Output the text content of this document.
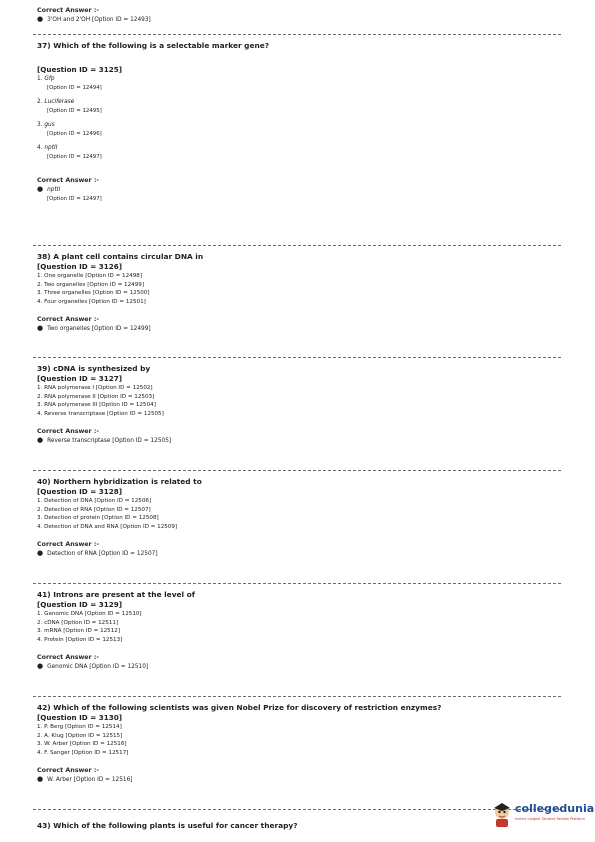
Correct Answer :-
● 3'OH and 2'OH [Option ID = 12493]
37) Which of the following is a selectable marker gene?
[Question ID = 3125]
1. Gfp
[Option ID = 12494]
2. Luciferase
[Option ID = 12495]
3. gus
[Option ID = 12496]
4. nptII
[Option ID = 12497]
Correct Answer :-
● nptII
[Option ID = 12497]
38) A plant cell contains circular DNA in
[Question ID = 3126]
1. One organelle [Option ID = 12498]
2. Two organelles [Option ID = 12499]
3. Three organelles [Option ID = 12500]
4. Four organelles [Option ID = 12501]
Correct Answer :-
● Two organelles [Option ID = 12499]
39) cDNA is synthesized by
[Question ID = 3127]
1. RNA polymerase I [Option ID = 12502]
2. RNA polymerase II [Option ID = 12503]
3. RNA polymerase III [Option ID = 12504]
4. Reverse transcriptase [Option ID = 12505]
Correct Answer :-
● Reverse transcriptase [Option ID = 12505]
40) Northern hybridization is related to
[Question ID = 3128]
1. Detection of DNA [Option ID = 12506]
2. Detection of RNA [Option ID = 12507]
3. Detection of protein [Option ID = 12508]
4. Detection of DNA and RNA [Option ID = 12509]
Correct Answer :-
● Detection of RNA [Option ID = 12507]
41) Introns are present at the level of
[Question ID = 3129]
1. Genomic DNA [Option ID = 12510]
2. cDNA [Option ID = 12511]
3. mRNA [Option ID = 12512]
4. Protein [Option ID = 12513]
Correct Answer :-
● Genomic DNA [Option ID = 12510]
42) Which of the following scientists was given Nobel Prize for discovery of restriction enzymes?
[Question ID = 3130]
1. P. Berg [Option ID = 12514]
2. A. Klug [Option ID = 12515]
3. W. Arber [Option ID = 12516]
4. F. Sanger [Option ID = 12517]
Correct Answer :-
● W. Arber [Option ID = 12516]
43) Which of the following plants is useful for cancer therapy?
collegedunia
India's Largest Student Review Platform
